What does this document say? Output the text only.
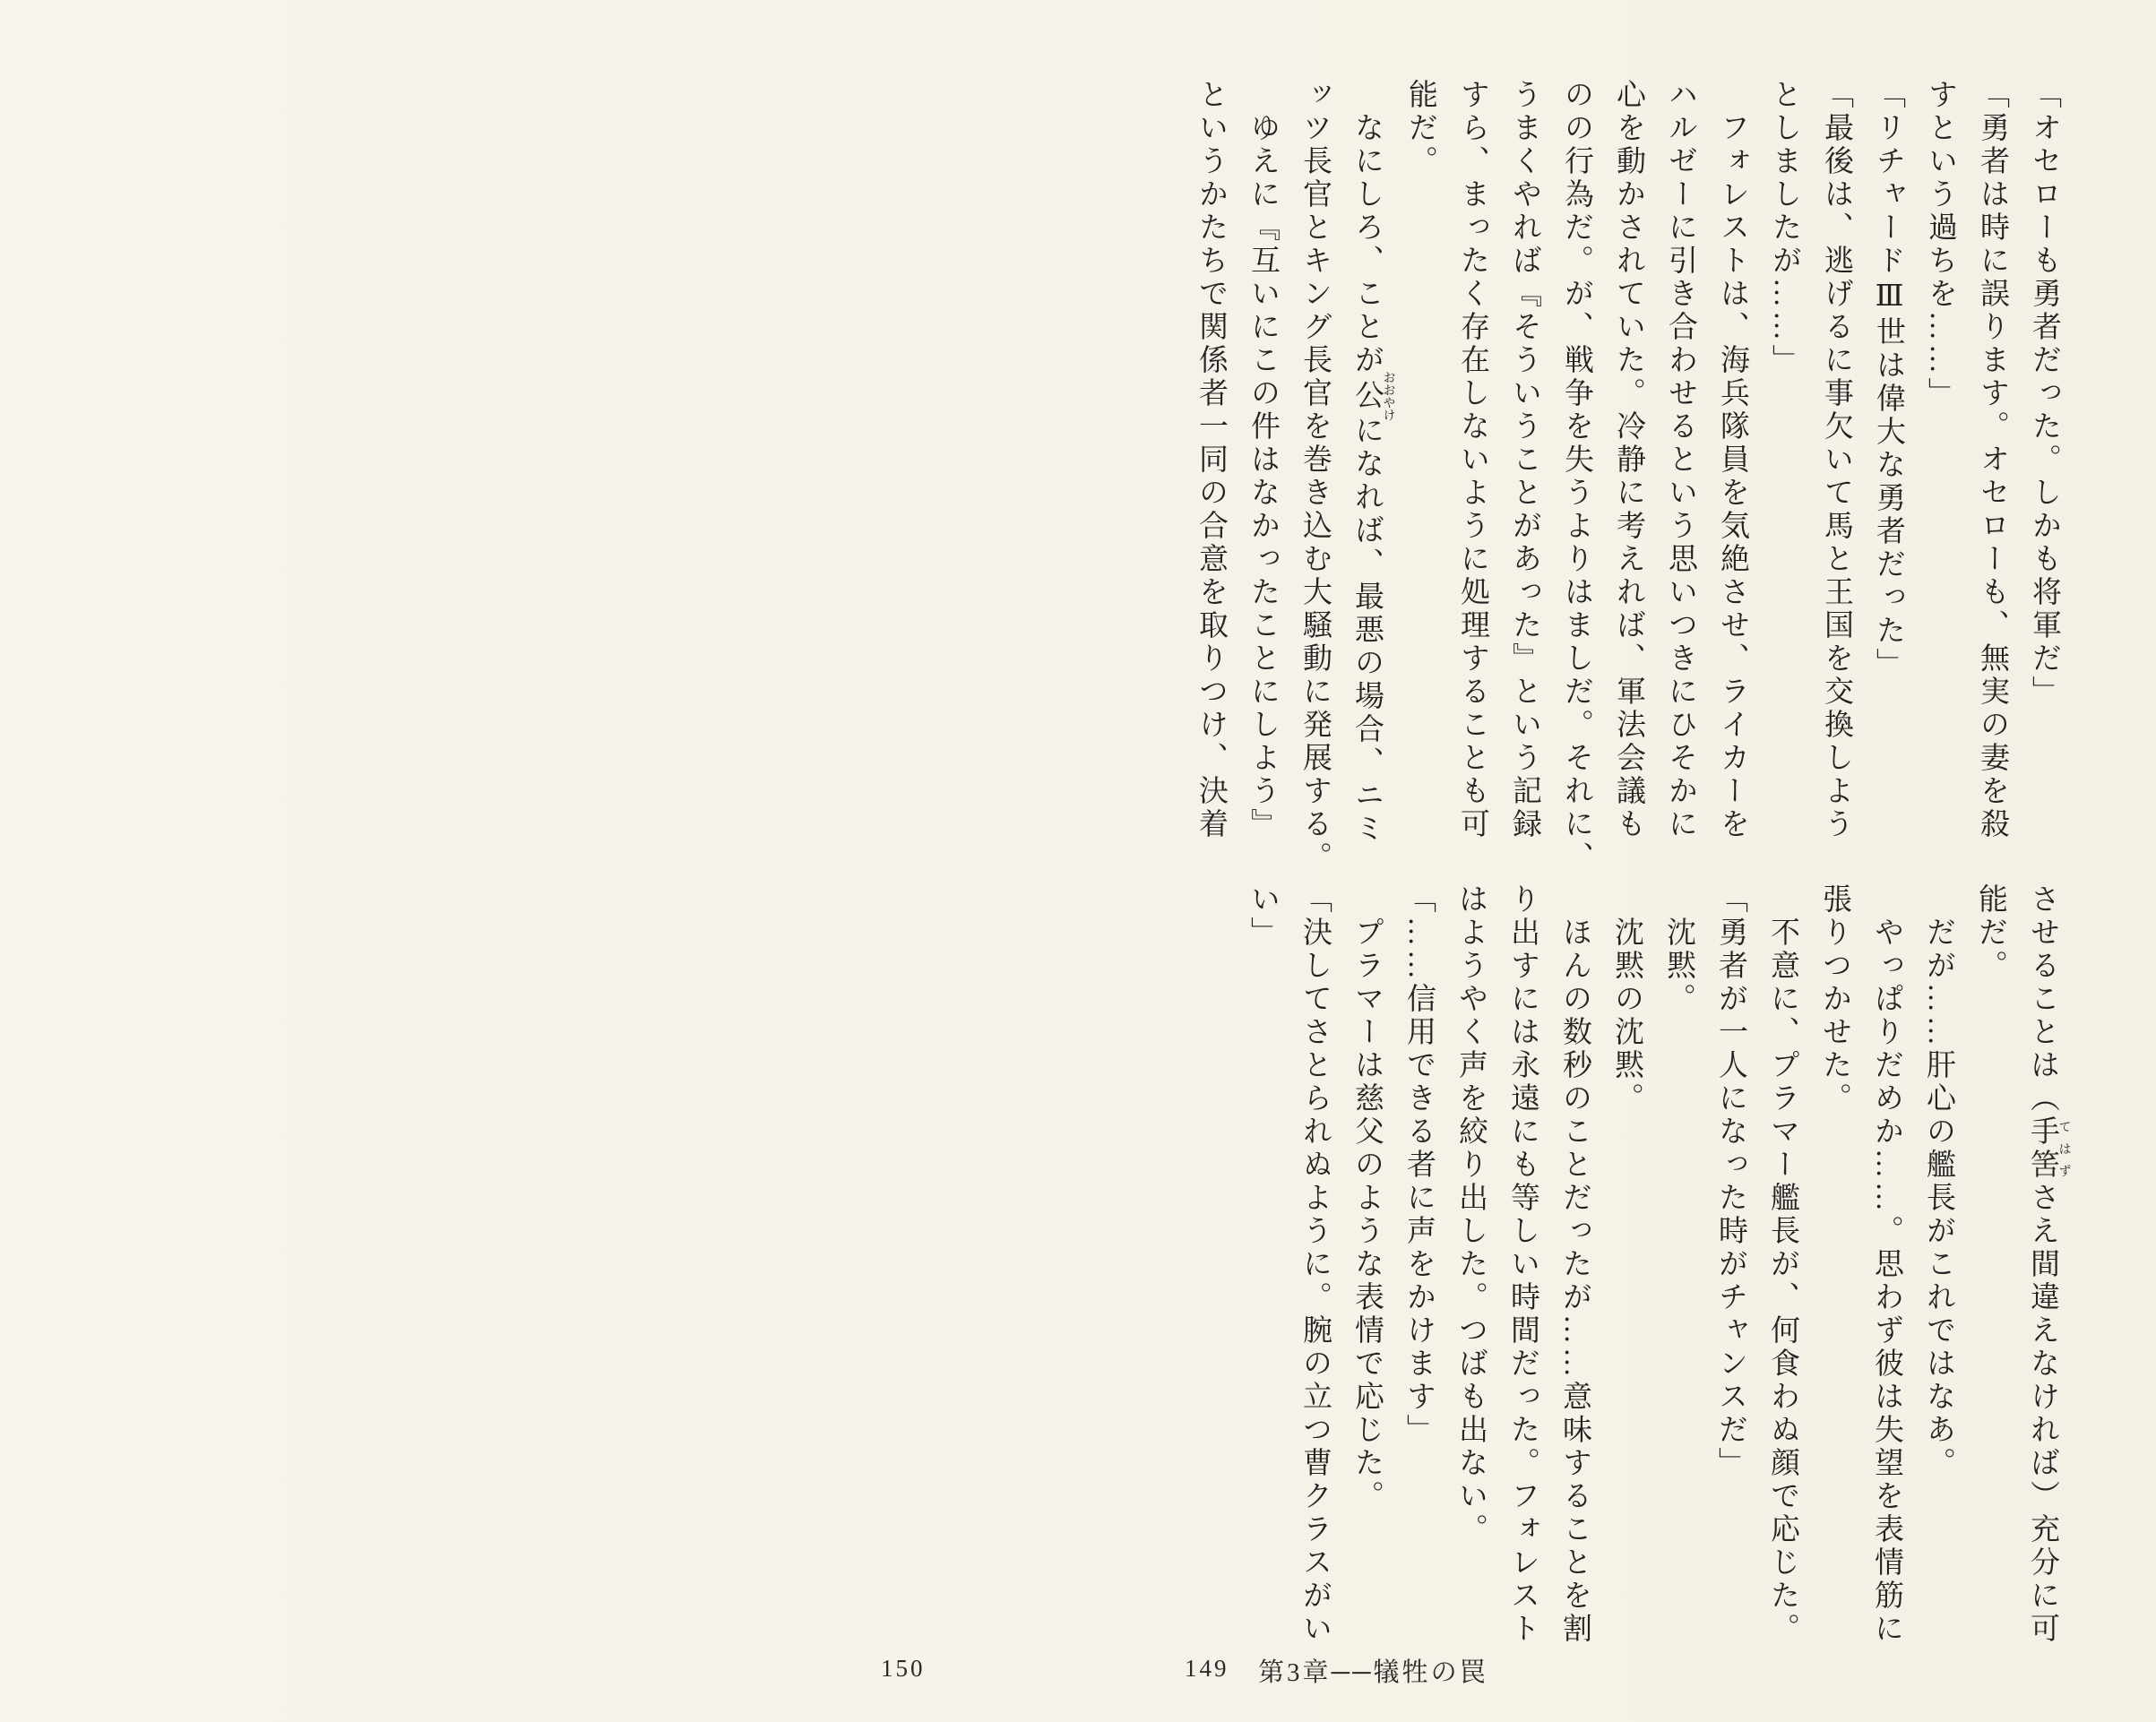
「オセローも勇者だった。しかも将軍だ」
「勇者は時に誤ります。オセローも、無実の妻を殺
すという過ちを……」
「リチャードⅢ世は偉大な勇者だった」
「最後は、逃げるに事欠いて馬と王国を交換しよう
としましたが……」
フォレストは、海兵隊員を気絶させ、ライカーを
ハルゼーに引き合わせるという思いつきにひそかに
心を動かされていた。冷静に考えれば、軍法会議も
のの行為だ。が、戦争を失うよりはましだ。それに、
うまくやれば『そういうことがあった』という記録
すら、まったく存在しないように処理することも可
能だ。
なにしろ、ことが公おおやけになれば、最悪の場合、ニミ
ッツ長官とキング長官を巻き込む大騒動に発展する。
ゆえに『互いにこの件はなかったことにしよう』
というかたちで関係者一同の合意を取りつけ、決着
させることは（手筈てはずさえ間違えなければ）充分に可
能だ。
だが……肝心の艦長がこれではなあ。
やっぱりだめか……。思わず彼は失望を表情筋に
張りつかせた。
不意に、プラマー艦長が、何食わぬ顔で応じた。
「勇者が一人になった時がチャンスだ」
沈黙。
沈黙の沈黙。
ほんの数秒のことだったが……意味することを割
り出すには永遠にも等しい時間だった。フォレスト
はようやく声を絞り出した。つばも出ない。
「……信用できる者に声をかけます」
プラマーは慈父のような表情で応じた。
「決してさとられぬように。腕の立つ曹クラスがい
い」
150	149 第3章──犠牲の罠
